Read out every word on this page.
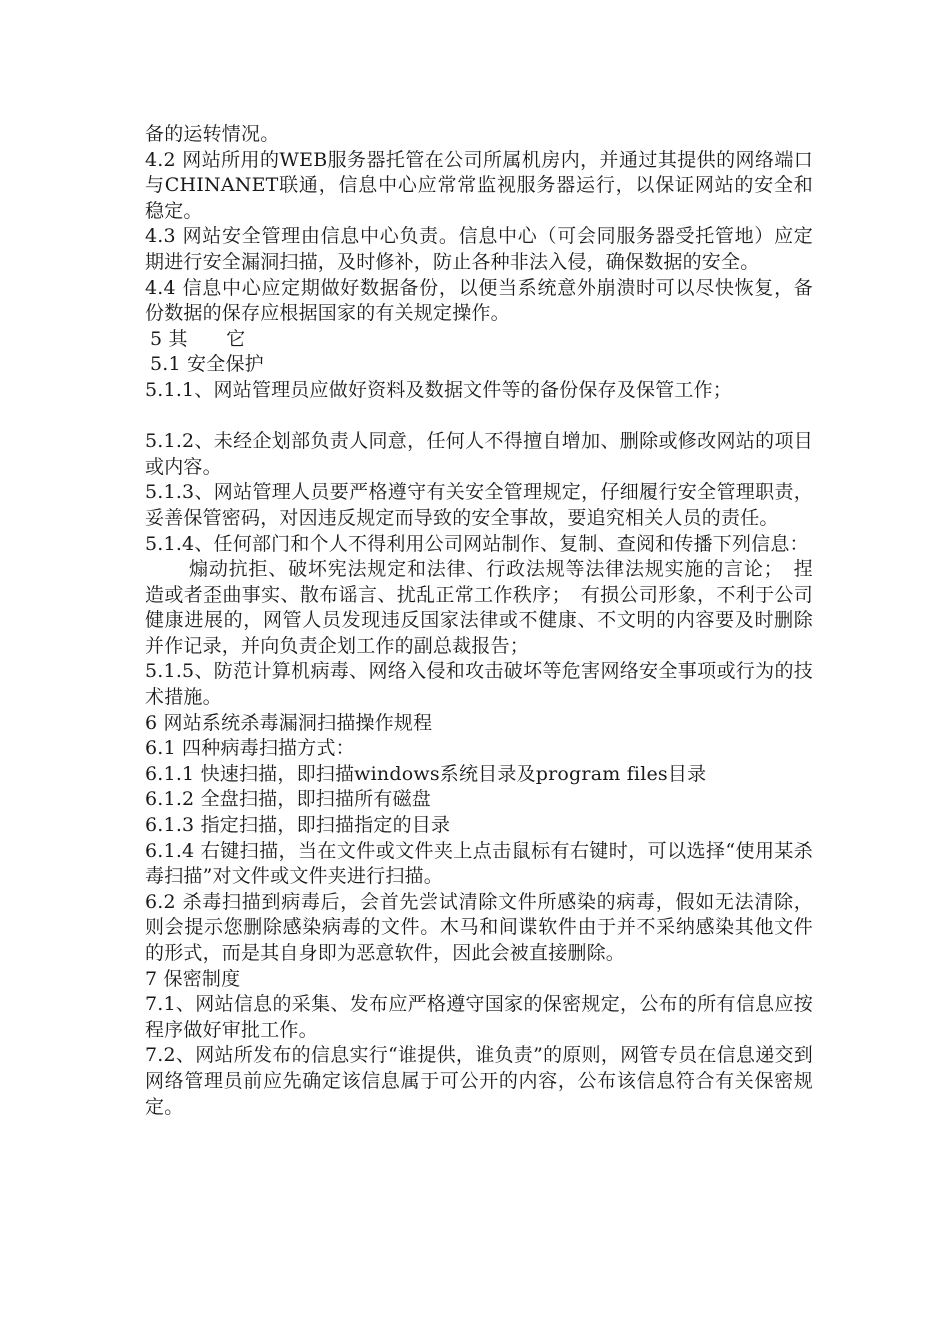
备的运转情况。

4.2 网站所用的WEB服务器托管在公司所属机房内，并通过其提供的网络端口与CHINANET联通，信息中心应常常监视服务器运行，以保证网站的安全和稳定。

4.3 网站安全管理由信息中心负责。信息中心（可会同服务器受托管地）应定期进行安全漏洞扫描，及时修补，防止各种非法入侵，确保数据的安全。

4.4 信息中心应定期做好数据备份，以便当系统意外崩溃时可以尽快恢复，备份数据的保存应根据国家的有关规定操作。

5 其　　它

5.1 安全保护

5.1.1、网站管理员应做好资料及数据文件等的备份保存及保管工作；

5.1.2、未经企划部负责人同意，任何人不得擅自增加、删除或修改网站的项目或内容。

5.1.3、网站管理人员要严格遵守有关安全管理规定，仔细履行安全管理职责，妥善保管密码，对因违反规定而导致的安全事故，要追究相关人员的责任。

5.1.4、任何部门和个人不得利用公司网站制作、复制、查阅和传播下列信息：

煽动抗拒、破坏宪法规定和法律、行政法规等法律法规实施的言论；　捏造或者歪曲事实、散布谣言、扰乱正常工作秩序；　有损公司形象，不利于公司健康进展的，网管人员发现违反国家法律或不健康、不文明的内容要及时删除并作记录，并向负责企划工作的副总裁报告；

5.1.5、防范计算机病毒、网络入侵和攻击破坏等危害网络安全事项或行为的技术措施。

6 网站系统杀毒漏洞扫描操作规程

6.1 四种病毒扫描方式：

6.1.1 快速扫描，即扫描windows系统目录及program files目录

6.1.2 全盘扫描，即扫描所有磁盘

6.1.3 指定扫描，即扫描指定的目录

6.1.4 右键扫描，当在文件或文件夹上点击鼠标有右键时，可以选择“使用某杀毒扫描”对文件或文件夹进行扫描。

6.2 杀毒扫描到病毒后，会首先尝试清除文件所感染的病毒，假如无法清除，则会提示您删除感染病毒的文件。木马和间谍软件由于并不采纳感染其他文件的形式，而是其自身即为恶意软件，因此会被直接删除。

7 保密制度

7.1、网站信息的采集、发布应严格遵守国家的保密规定，公布的所有信息应按程序做好审批工作。

7.2、网站所发布的信息实行“谁提供，谁负责”的原则，网管专员在信息递交到网络管理员前应先确定该信息属于可公开的内容，公布该信息符合有关保密规定。
